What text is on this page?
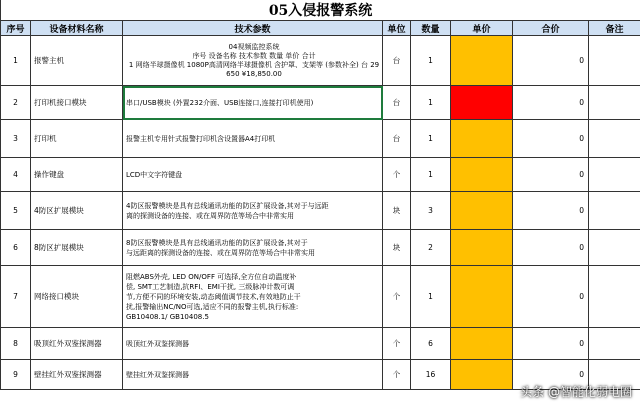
05入侵报警系统							
序号	设备材料名称	技术参数	单位	数量	单价	合价	备注
1	报警主机	04视频监控系统
序号 设备名称 技术参数 数量 单价 合计
1 网络半球摄像机 1080P高清网络半球摄像机 含护罩、支架等 (参数补全) 台 29 650 ¥18,850.00	台	1		0	
2	打印机接口模块	串口/USB模块 (外置232介面、USB连接口,连接打印机使用)	台	1		0	
3	打印机	报警主机专用针式报警打印机含设置器A4打印机	台	1		0	
4	操作键盘	LCD中文字符键盘	个	1		0	
5	4防区扩展模块	4防区报警模块是具有总线通讯功能的防区扩展设备,其对于与远距
离的探测设备的连接、或在周界防范等场合中非常实用	块	3		0	
6	8防区扩展模块	8防区报警模块是具有总线通讯功能的防区扩展设备,其对于
与远距离的探测设备的连接、或在周界防范等场合中非常实用	块	2		0	
7	网络接口模块	阻燃ABS外壳, LED ON/OFF 可选择,全方位自动温度补
偿, SMT工艺制造,抗RFI、EMI干扰, 三级脉冲计数可调
节,方便不同的环境安装,动态阈值调节技术,有效地防止干
扰,报警输出NC/NO可选,适应不同的报警主机,执行标准:
GB10408.1/ GB10408.5	个	1		0	
8	吸顶红外双鉴探测器	吸顶红外双鉴探测器	个	6		0	
9	壁挂红外双鉴探测器	壁挂红外双鉴探测器	个	16		0	
头条 @智能化弱电圈
